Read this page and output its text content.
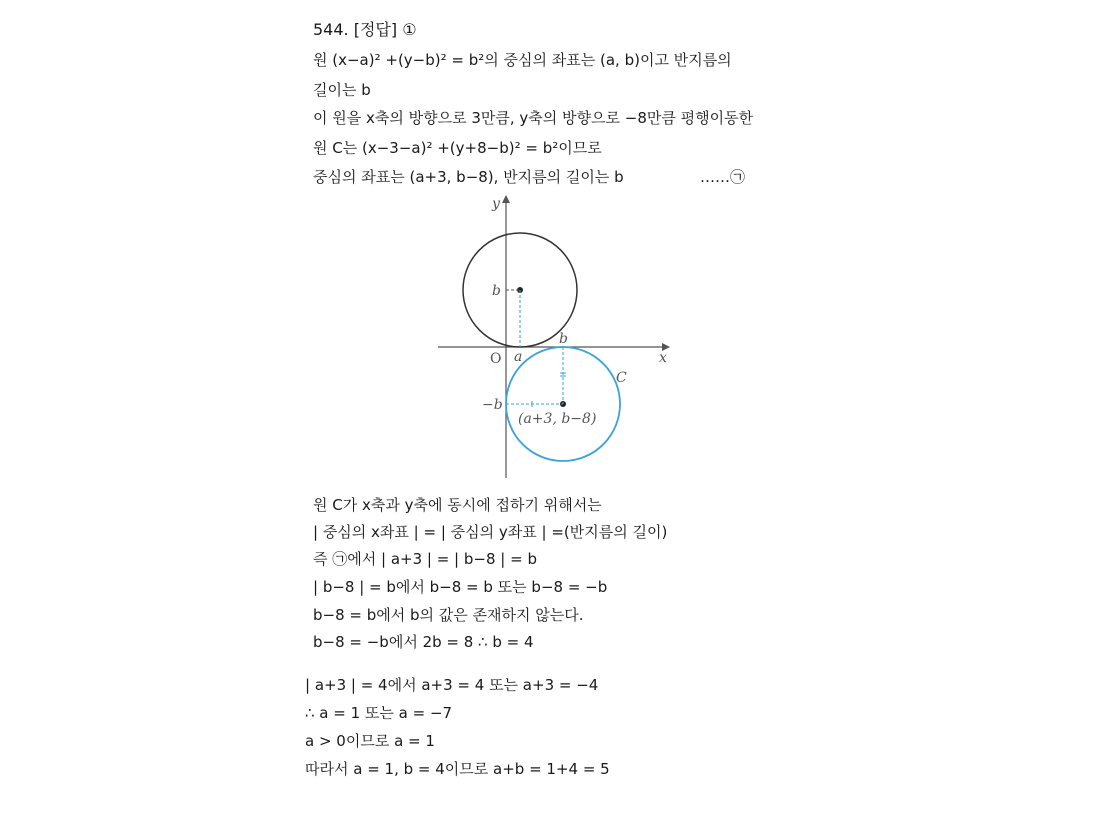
544. [정답] ①
원 (x−a)² +(y−b)² = b²의 중심의 좌표는 (a, b)이고 반지름의
길이는 b
이 원을 x축의 방향으로 3만큼, y축의 방향으로 −8만큼 평행이동한
원 C는 (x−3−a)² +(y+8−b)² = b²이므로
중심의 좌표는 (a+3, b−8), 반지름의 길이는 b	……㉠
y
x
O
b
a
b
−b
C
(a+3, b−8)
원 C가 x축과 y축에 동시에 접하기 위해서는
| 중심의 x좌표 | = | 중심의 y좌표 | =(반지름의 길이)
즉 ㉠에서 | a+3 | = | b−8 | = b
| b−8 | = b에서 b−8 = b 또는 b−8 = −b
b−8 = b에서 b의 값은 존재하지 않는다.
b−8 = −b에서 2b = 8 ∴ b = 4
| a+3 | = 4에서 a+3 = 4 또는 a+3 = −4
∴ a = 1 또는 a = −7
a > 0이므로 a = 1
따라서 a = 1, b = 4이므로 a+b = 1+4 = 5
